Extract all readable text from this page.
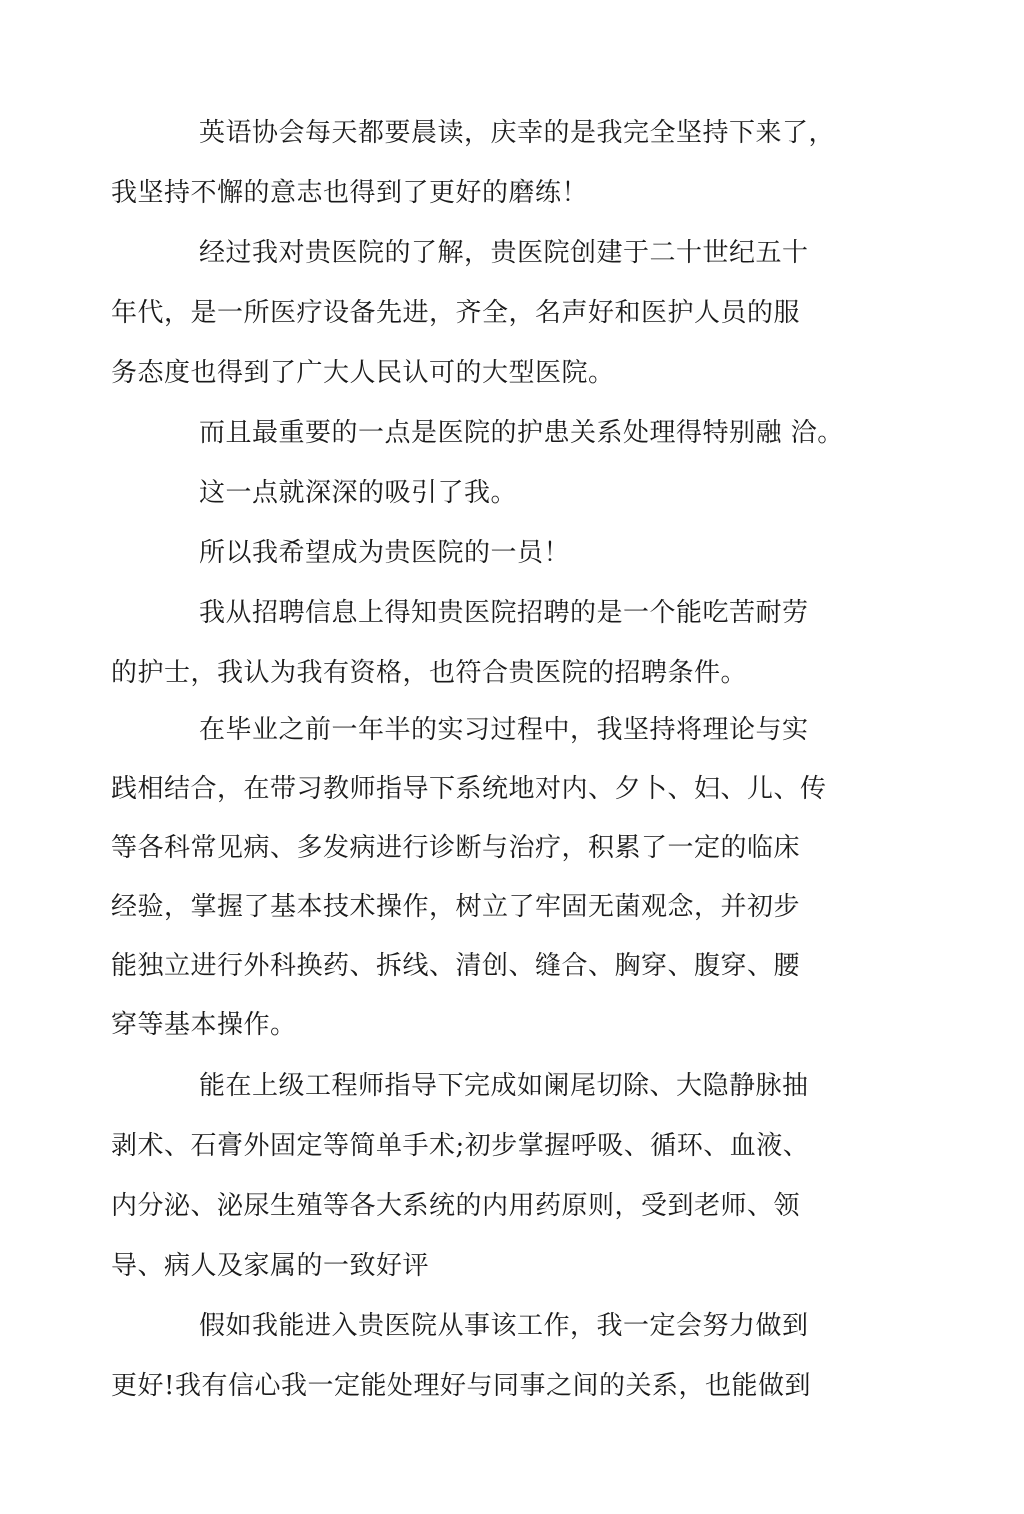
英语协会每天都要晨读，庆幸的是我完全坚持下来了，

我坚持不懈的意志也得到了更好的磨练！

经过我对贵医院的了解，贵医院创建于二十世纪五十

年代，是一所医疗设备先进，齐全，名声好和医护人员的服

务态度也得到了广大人民认可的大型医院。

而且最重要的一点是医院的护患关系处理得特别融 洽。

这一点就深深的吸引了我。

所以我希望成为贵医院的一员！

我从招聘信息上得知贵医院招聘的是一个能吃苦耐劳

的护士，我认为我有资格，也符合贵医院的招聘条件。

在毕业之前一年半的实习过程中，我坚持将理论与实

践相结合，在带习教师指导下系统地对内、夕卜、妇、儿、传

等各科常见病、多发病进行诊断与治疗，积累了一定的临床

经验，掌握了基本技术操作，树立了牢固无菌观念，并初步

能独立进行外科换药、拆线、清创、缝合、胸穿、腹穿、腰

穿等基本操作。

能在上级工程师指导下完成如阑尾切除、大隐静脉抽

剥术、石膏外固定等简单手术;初步掌握呼吸、循环、血液、

内分泌、泌尿生殖等各大系统的内用药原则，受到老师、领

导、病人及家属的一致好评

假如我能进入贵医院从事该工作，我一定会努力做到

更好!我有信心我一定能处理好与同事之间的关系，也能做到
